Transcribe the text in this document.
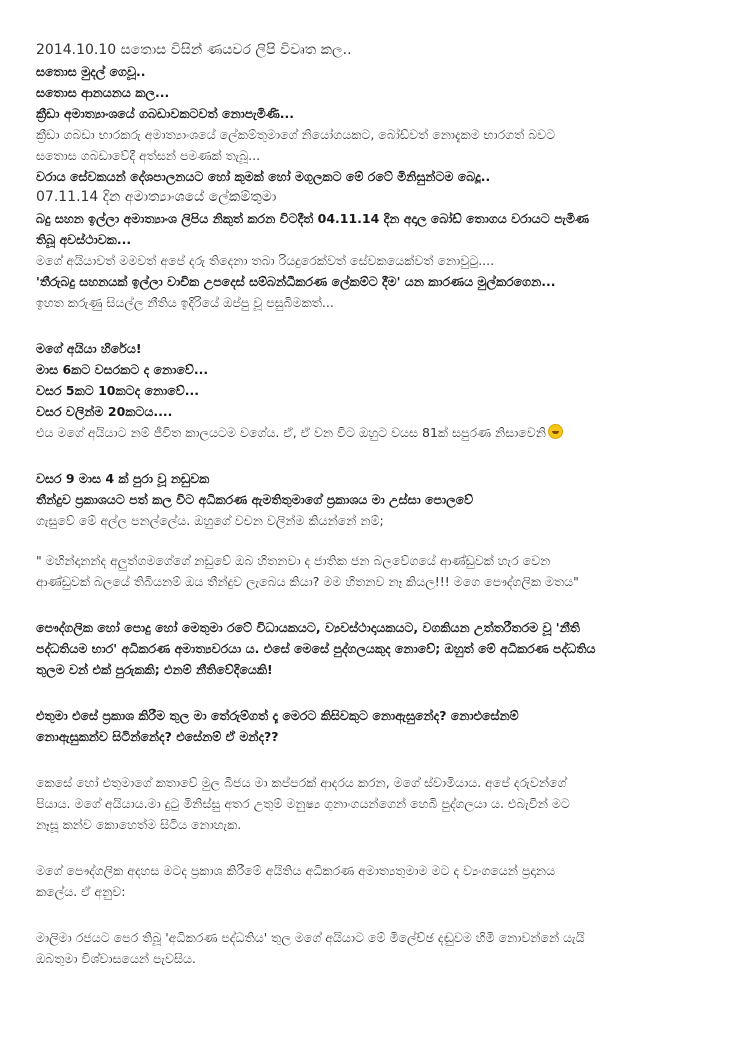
2014.10.10 සතොස විසින් ණයවර ලිපි විවෘත කල..
සතොස මුදල් ගෙවූ..
සතොස ආනයනය කල...
ක්‍රීඩා අමාත්‍යාංශයේ ගබඩාවකටවත් නොපැමිණි...
ක්‍රීඩා ගබඩා භාරකරු අමාත්‍යාංශයේ ලේකම්තුමාගේ නියෝගයකට, බෝඩ්වත් නොදැකම භාරගත් බවට
සතොස ගබඩාවේදී අත්සන් පමණක් තැබූ...
වරාය සේවකයන් දේශපාලනයට හෝ කුමක් හෝ මගුලකට මේ රටේ මිනිසුන්ටම බෙදූ..
07.11.14 දින අමාත්‍යාංශයේ ලේකම්තුමා
බදු සහන ඉල්ලා අමාත්‍යාංශ ලිපිය නිකුත් කරන විටදීත් 04.11.14 දින අදාල බෝඩ් තොගය වරායට පැමිණ
තිබූ අවස්ථාවක...
මගේ අයියාවත් මමවත් අපේ දරු තිදෙනා තබා රියදුරෙක්වත් සේවකයෙක්වත් නොවුටු....
'තීරුබදු සහනයක් ඉල්ලා වාචික උපදෙස් සම්බන්ධීකරණ ලේකම්ට දීම' යන කාරණය මුල්කරගෙන...
ඉහත කරුණු සියල්ල නීතිය ඉදිරියේ ඔප්පු වූ පසුබිමකත්...
මගේ අයියා හිරේය!
මාස 6කට වසරකට ද නොවේ...
වසර 5කට 10කටද නොවේ...
වසර වලින්ම 20කටය....
එය මගේ අයියාට නම් ජීවිත කාලයටම වගේය. ඒ, ඒ වන විට ඔහුට වයස 81ක් සපුරණ නිසාවෙනි
වසර 9 මාස 4 ක් පුරා වූ නඩුවක
තීන්දුව ප්‍රකාශයට පත් කල විට අධිකරණ ඇමතිතුමාගේ ප්‍රකාශය මා උස්සා පොලවේ
ගැසුවේ මේ අල්ල පනල්ලේය. ඔහුගේ වචන වලින්ම කියන්නේ නම්;
" මහින්දානන්ද අලුත්ගමගේගේ නඩුවේ ඔබ හිතනවා ද ජාතික ජන බලවේගයේ ආණ්ඩුවක් හැර වෙන
ආණ්ඩුවක් බලයේ තිබියනම් ඔය තීන්දුව ලැබෙය කියා? මම හිතනව නෑ කියල!!! මගෙ පෞද්ගලික මතය"
පෞද්ගලික හෝ පොදු හෝ මෙතුමා රටේ විධායකයට, ව්‍යවස්ථාදායකයට, වගකියන උත්තරීතරම වූ 'නීති
පද්ධතියම භාර' අධිකරණ අමාත්‍යවරයා ය. එසේ මෙසේ පුද්ගලයකුද නොවේ; ඔහුත් මේ අධිකරණ පද්ධතිය
තුලම වන් එක් පුරුකකි; එනම් නීතිවේදියෙකි!
එතුමා එසේ ප්‍රකාශ කිරීම තුල මා තේරුම්ගත් දෑ මෙරට කිසිවකුට නොඇසුනේද? නොඑසේනම්
නොඇසුකන්ව සිටින්නේද? එසේනම් ඒ මන්ද??
කෙසේ හෝ එතුමාගේ කතාවේ මුල බීජය මා කප්පරක් ආදරය කරන, මගේ ස්වාමියාය. අපේ දරුවන්ගේ
පියාය. මගේ අයියාය.මා දුටු මිනිස්සු අතර උතුම් මනුෂ්‍ය ගුනාංගයන්ගෙන් හෙබි පුද්ගලයා ය. එබැවින් මට
නෑසූ කන්ව කොහෙත්ම සිටිය නොහැක.
මගේ පෞද්ගලික අදහස මටද ප්‍රකාශ කිරීමේ අයිතිය අධිකරණ අමාත්‍යතුමාම මට ද ව්‍යංගයෙන් ප්‍රදානය
කලේය. ඒ අනුව:
මාලිමා රජයට පෙර තිබූ 'අධිකරණ පද්ධතිය' තුල මගේ අයියාට මේ මිලේච්ඡ දඬුවම හිමි නොවන්නේ යැයි
ඔබතුමා විශ්වාසයෙන් පැවසිය.
